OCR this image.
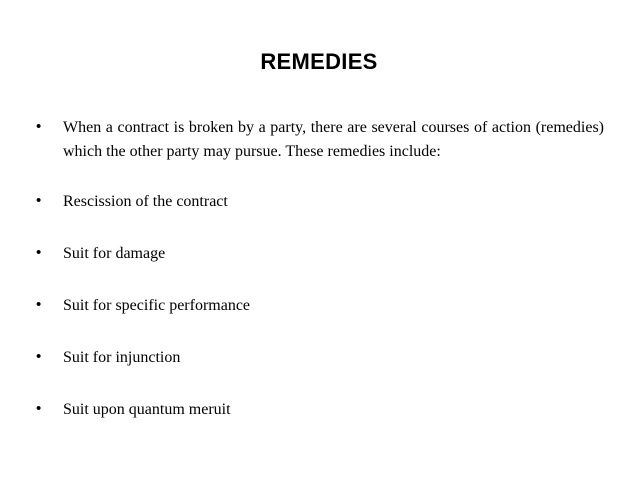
REMEDIES
• When a contract is broken by a party, there are several courses of action (remedies) which the other party may pursue. These remedies include:
• Rescission of the contract
• Suit for damage
• Suit for specific performance
• Suit for injunction
• Suit upon quantum meruit
